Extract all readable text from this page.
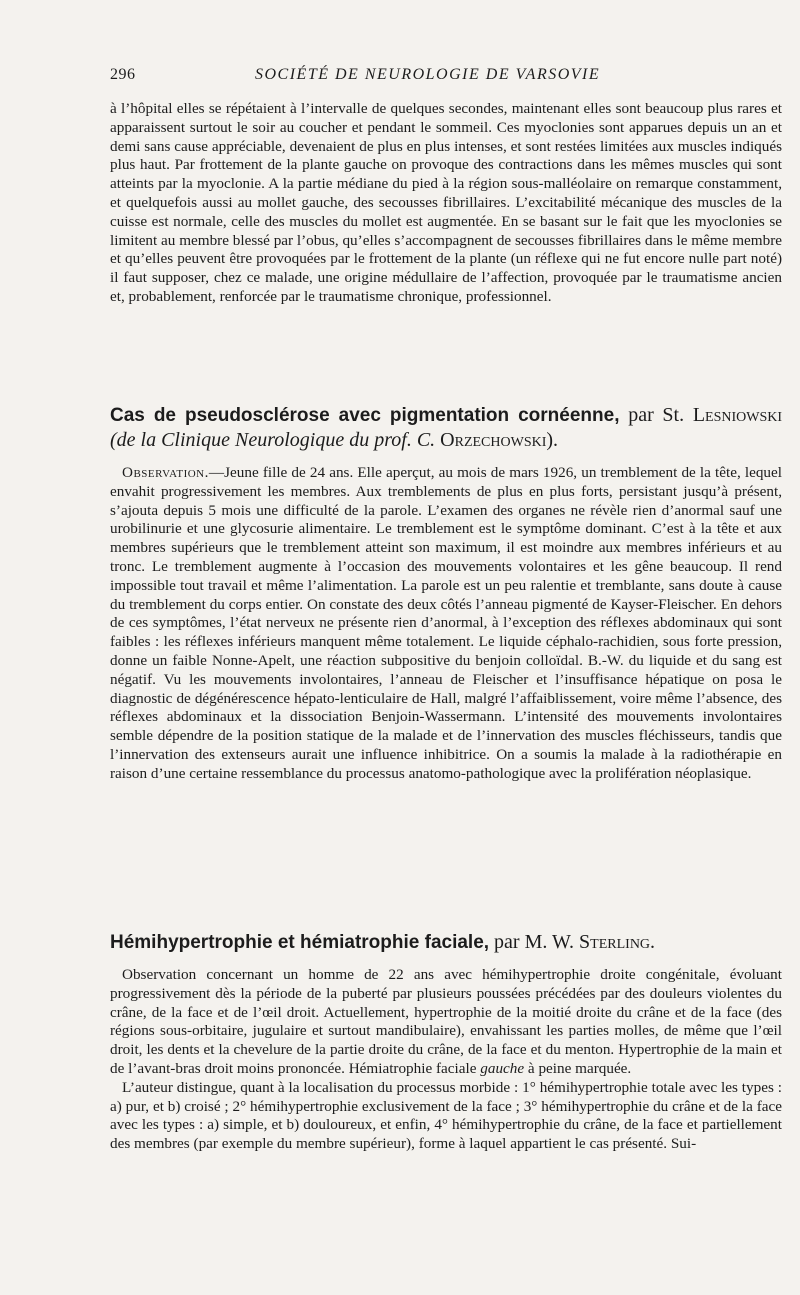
296	SOCIÉTÉ DE NEUROLOGIE DE VARSOVIE

à l’hôpital elles se répétaient à l’intervalle de quelques secondes, maintenant elles sont beaucoup plus rares et apparaissent surtout le soir au coucher et pendant le sommeil. Ces myoclonies sont apparues depuis un an et demi sans cause appréciable, devenaient de plus en plus intenses, et sont restées limitées aux muscles indiqués plus haut. Par frottement de la plante gauche on provoque des contractions dans les mêmes muscles qui sont atteints par la myoclonie. A la partie médiane du pied à la région sous-malléolaire on remarque constamment, et quelquefois aussi au mollet gauche, des secousses fibrillaires. L’excitabilité mécanique des muscles de la cuisse est normale, celle des muscles du mollet est augmentée. En se basant sur le fait que les myoclonies se limitent au membre blessé par l’obus, qu’elles s’accompagnent de secousses fibrillaires dans le même membre et qu’elles peuvent être provoquées par le frottement de la plante (un réflexe qui ne fut encore nulle part noté) il faut supposer, chez ce malade, une origine médullaire de l’affection, provoquée par le traumatisme ancien et, probablement, renforcée par le traumatisme chronique, professionnel.

Cas de pseudosclérose avec pigmentation cornéenne, par St. Lesniowski (de la Clinique Neurologique du prof. C. Orzechowski).

Observation.—Jeune fille de 24 ans. Elle aperçut, au mois de mars 1926, un tremblement de la tête, lequel envahit progressivement les membres. Aux tremblements de plus en plus forts, persistant jusqu’à présent, s’ajouta depuis 5 mois une difficulté de la parole. L’examen des organes ne révèle rien d’anormal sauf une urobilinurie et une glycosurie alimentaire. Le tremblement est le symptôme dominant. C’est à la tête et aux membres supérieurs que le tremblement atteint son maximum, il est moindre aux membres inférieurs et au tronc. Le tremblement augmente à l’occasion des mouvements volontaires et les gêne beaucoup. Il rend impossible tout travail et même l’alimentation. La parole est un peu ralentie et tremblante, sans doute à cause du tremblement du corps entier. On constate des deux côtés l’anneau pigmenté de Kayser-Fleischer. En dehors de ces symptômes, l’état nerveux ne présente rien d’anormal, à l’exception des réflexes abdominaux qui sont faibles : les réflexes inférieurs manquent même totalement. Le liquide céphalo-rachidien, sous forte pression, donne un faible Nonne-Apelt, une réaction subpositive du benjoin colloïdal. B.-W. du liquide et du sang est négatif. Vu les mouvements involontaires, l’anneau de Fleischer et l’insuffisance hépatique on posa le diagnostic de dégénérescence hépato-lenticulaire de Hall, malgré l’affaiblissement, voire même l’absence, des réflexes abdominaux et la dissociation Benjoin-Wassermann. L’intensité des mouvements involontaires semble dépendre de la position statique de la malade et de l’innervation des muscles fléchisseurs, tandis que l’innervation des extenseurs aurait une influence inhibitrice. On a soumis la malade à la radiothérapie en raison d’une certaine ressemblance du processus anatomo-pathologique avec la prolifération néoplasique.

Hémihypertrophie et hémiatrophie faciale, par M. W. Sterling.

Observation concernant un homme de 22 ans avec hémihypertrophie droite congénitale, évoluant progressivement dès la période de la puberté par plusieurs poussées précédées par des douleurs violentes du crâne, de la face et de l’œil droit. Actuellement, hypertrophie de la moitié droite du crâne et de la face (des régions sous-orbitaire, jugulaire et surtout mandibulaire), envahissant les parties molles, de même que l’œil droit, les dents et la chevelure de la partie droite du crâne, de la face et du menton. Hypertrophie de la main et de l’avant-bras droit moins prononcée. Hémiatrophie faciale gauche à peine marquée.

L’auteur distingue, quant à la localisation du processus morbide : 1° hémihypertrophie totale avec les types : a) pur, et b) croisé ; 2° hémihypertrophie exclusivement de la face ; 3° hémihypertrophie du crâne et de la face avec les types : a) simple, et b) douloureux, et enfin, 4° hémihypertrophie du crâne, de la face et partiellement des membres (par exemple du membre supérieur), forme à laquel appartient le cas présenté. Sui-
